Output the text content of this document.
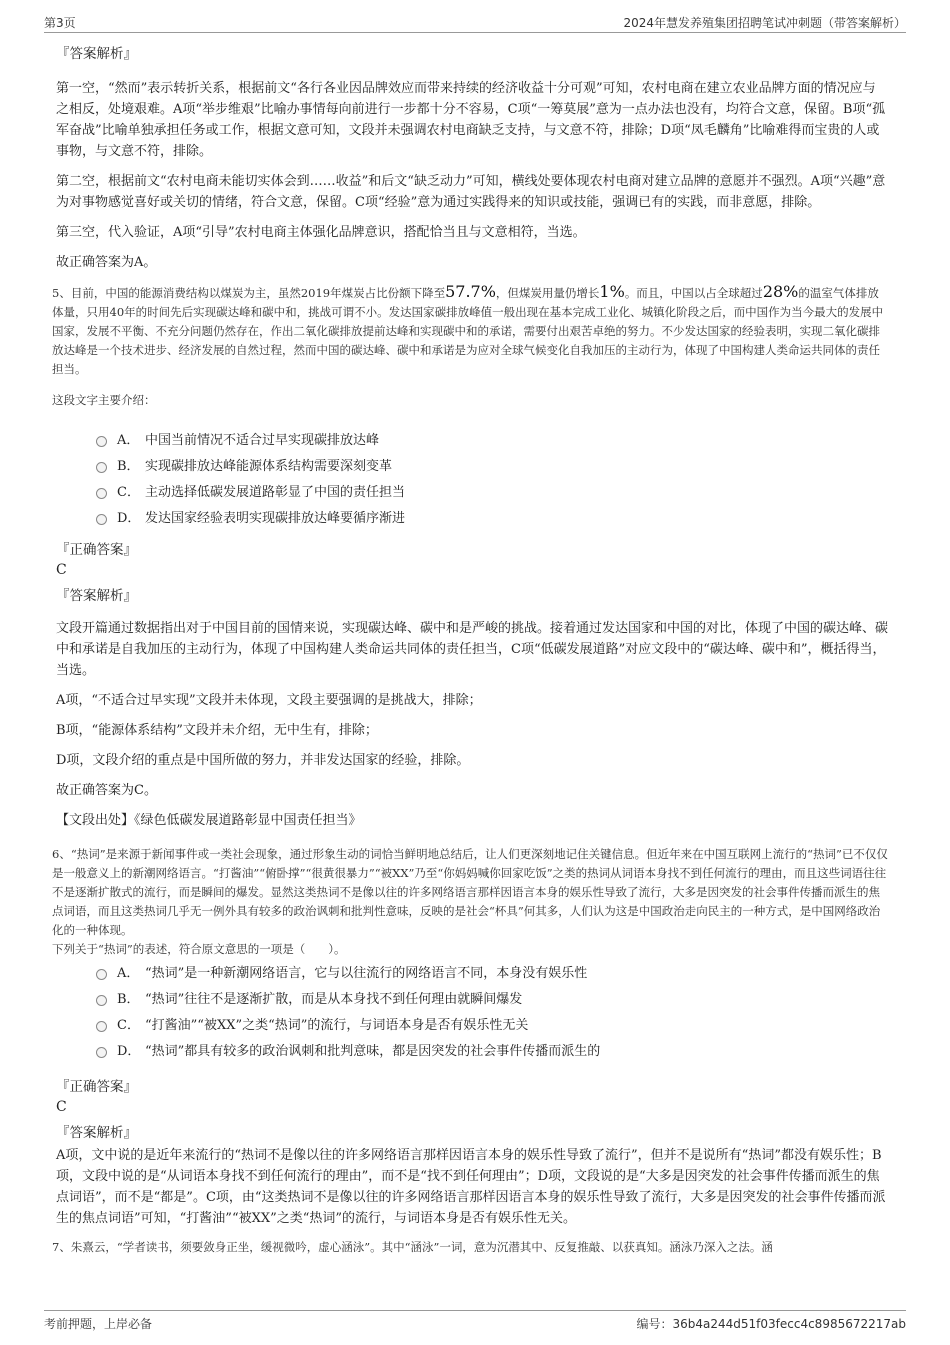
第3页	2024年慧发养殖集团招聘笔试冲刺题（带答案解析）
『答案解析』

第一空，“然而”表示转折关系，根据前文“各行各业因品牌效应而带来持续的经济收益十分可观”可知，农村电商在建立农业品牌方面的情况应与之相反，处境艰难。A项“举步维艰”比喻办事情每向前进行一步都十分不容易，C项“一筹莫展”意为一点办法也没有，均符合文意，保留。B项“孤军奋战”比喻单独承担任务或工作，根据文意可知，文段并未强调农村电商缺乏支持，与文意不符，排除；D项“凤毛麟角”比喻难得而宝贵的人或事物，与文意不符，排除。

第二空，根据前文“农村电商未能切实体会到……收益”和后文“缺乏动力”可知，横线处要体现农村电商对建立品牌的意愿并不强烈。A项“兴趣”意为对事物感觉喜好或关切的情绪，符合文意，保留。C项“经验”意为通过实践得来的知识或技能，强调已有的实践，而非意愿，排除。

第三空，代入验证，A项“引导”农村电商主体强化品牌意识，搭配恰当且与文意相符，当选。

故正确答案为A。

5、目前，中国的能源消费结构以煤炭为主，虽然2019年煤炭占比份额下降至57.7%，但煤炭用量仍增长1%。而且，中国以占全球超过28%的温室气体排放体量，只用40年的时间先后实现碳达峰和碳中和，挑战可谓不小。发达国家碳排放峰值一般出现在基本完成工业化、城镇化阶段之后，而中国作为当今最大的发展中国家，发展不平衡、不充分问题仍然存在，作出二氧化碳排放提前达峰和实现碳中和的承诺，需要付出艰苦卓绝的努力。不少发达国家的经验表明，实现二氧化碳排放达峰是一个技术进步、经济发展的自然过程，然而中国的碳达峰、碳中和承诺是为应对全球气候变化自我加压的主动行为，体现了中国构建人类命运共同体的责任担当。

这段文字主要介绍：

A． 中国当前情况不适合过早实现碳排放达峰
B． 实现碳排放达峰能源体系结构需要深刻变革
C． 主动选择低碳发展道路彰显了中国的责任担当
D． 发达国家经验表明实现碳排放达峰要循序渐进
『正确答案』
C
『答案解析』

文段开篇通过数据指出对于中国目前的国情来说，实现碳达峰、碳中和是严峻的挑战。接着通过发达国家和中国的对比，体现了中国的碳达峰、碳中和承诺是自我加压的主动行为，体现了中国构建人类命运共同体的责任担当，C项“低碳发展道路”对应文段中的“碳达峰、碳中和”，概括得当，当选。

A项，“不适合过早实现”文段并未体现，文段主要强调的是挑战大，排除；

B项，“能源体系结构”文段并未介绍，无中生有，排除；

D项，文段介绍的重点是中国所做的努力，并非发达国家的经验，排除。

故正确答案为C。

【文段出处】《绿色低碳发展道路彰显中国责任担当》

6、“热词”是来源于新闻事件或一类社会现象，通过形象生动的词恰当鲜明地总结后，让人们更深刻地记住关键信息。但近年来在中国互联网上流行的“热词”已不仅仅是一般意义上的新潮网络语言。“打酱油”“俯卧撑”“很黄很暴力”“被XX”乃至“你妈妈喊你回家吃饭”之类的热词从词语本身找不到任何流行的理由，而且这些词语往往不是逐渐扩散式的流行，而是瞬间的爆发。显然这类热词不是像以往的许多网络语言那样因语言本身的娱乐性导致了流行，大多是因突发的社会事件传播而派生的焦点词语，而且这类热词几乎无一例外具有较多的政治讽刺和批判性意味，反映的是社会“杯具”何其多，人们认为这是中国政治走向民主的一种方式，是中国网络政治化的一种体现。

下列关于“热词”的表述，符合原文意思的一项是（　　）。

A． “热词”是一种新潮网络语言，它与以往流行的网络语言不同，本身没有娱乐性
B． “热词”往往不是逐渐扩散，而是从本身找不到任何理由就瞬间爆发
C． “打酱油”“被XX”之类“热词”的流行，与词语本身是否有娱乐性无关
D． “热词”都具有较多的政治讽刺和批判意味，都是因突发的社会事件传播而派生的
『正确答案』
C
『答案解析』

A项，文中说的是近年来流行的“热词不是像以往的许多网络语言那样因语言本身的娱乐性导致了流行”，但并不是说所有“热词”都没有娱乐性；B项，文段中说的是“从词语本身找不到任何流行的理由”，而不是“找不到任何理由”；D项，文段说的是“大多是因突发的社会事件传播而派生的焦点词语”，而不是“都是”。C项，由“这类热词不是像以往的许多网络语言那样因语言本身的娱乐性导致了流行，大多是因突发的社会事件传播而派生的焦点词语”可知，“打酱油”“被XX”之类“热词”的流行，与词语本身是否有娱乐性无关。

7、朱熹云，“学者读书，须要敛身正坐，缓视微吟，虚心涵泳”。其中“涵泳”一词，意为沉潜其中、反复推敲、以获真知。涵泳乃深入之法。涵

考前押题，上岸必备	编号：36b4a244d51f03fecc4c8985672217ab
